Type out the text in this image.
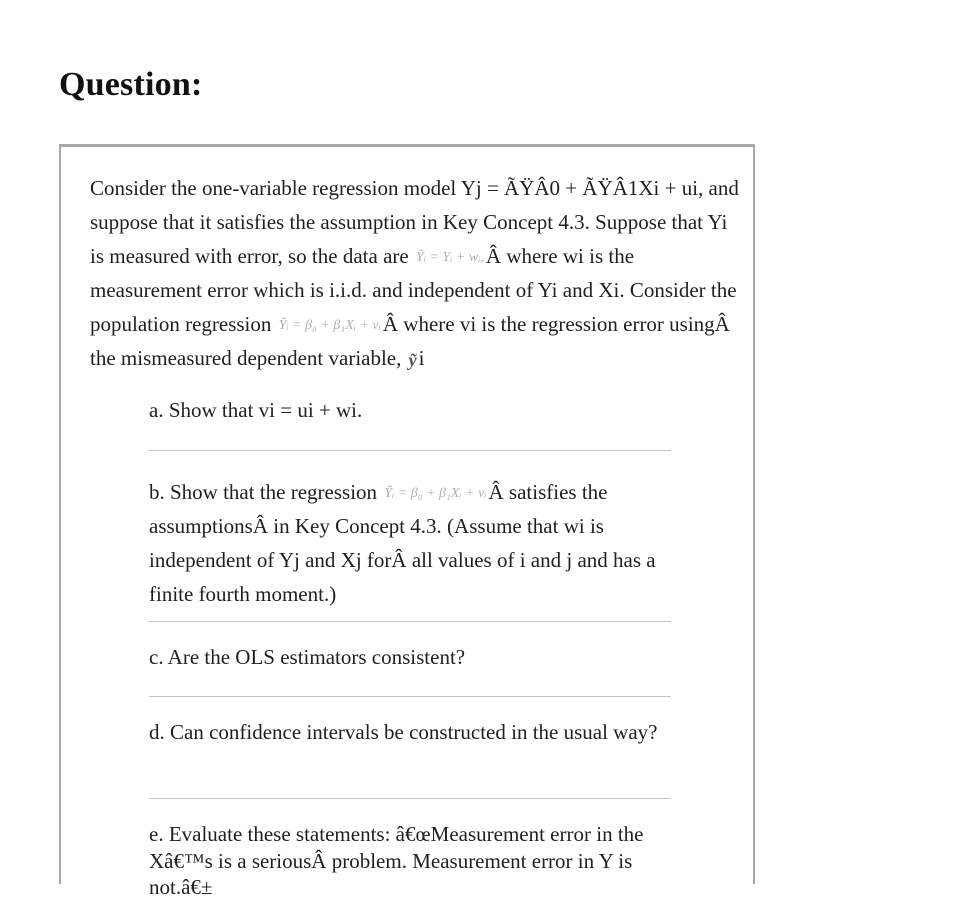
Question:

Consider the one-variable regression model Yj = ÃŸÂ0 + ÃŸÂ1Xi + ui, and suppose that it satisfies the assumption in Key Concept 4.3. Suppose that Yi is measured with error, so the data are Ỹᵢ = Yᵢ + wᵢ,Â where wi is the measurement error which is i.i.d. and independent of Yi and Xi. Consider the population regression Ỹᵢ = β₀ + β₁Xᵢ + vᵢÂ where vi is the regression error usingÂ the mismeasured dependent variable, ỹi

a. Show that vi = ui + wi.

b. Show that the regression Ỹᵢ = β₀ + β₁Xᵢ + vᵢÂ satisfies the assumptionsÂ in Key Concept 4.3. (Assume that wi is independent of Yj and Xj forÂ all values of i and j and has a finite fourth moment.)

c. Are the OLS estimators consistent?

d. Can confidence intervals be constructed in the usual way?

e. Evaluate these statements: â€œMeasurement error in the Xâ€™s is a seriousÂ problem. Measurement error in Y is not.â€±
